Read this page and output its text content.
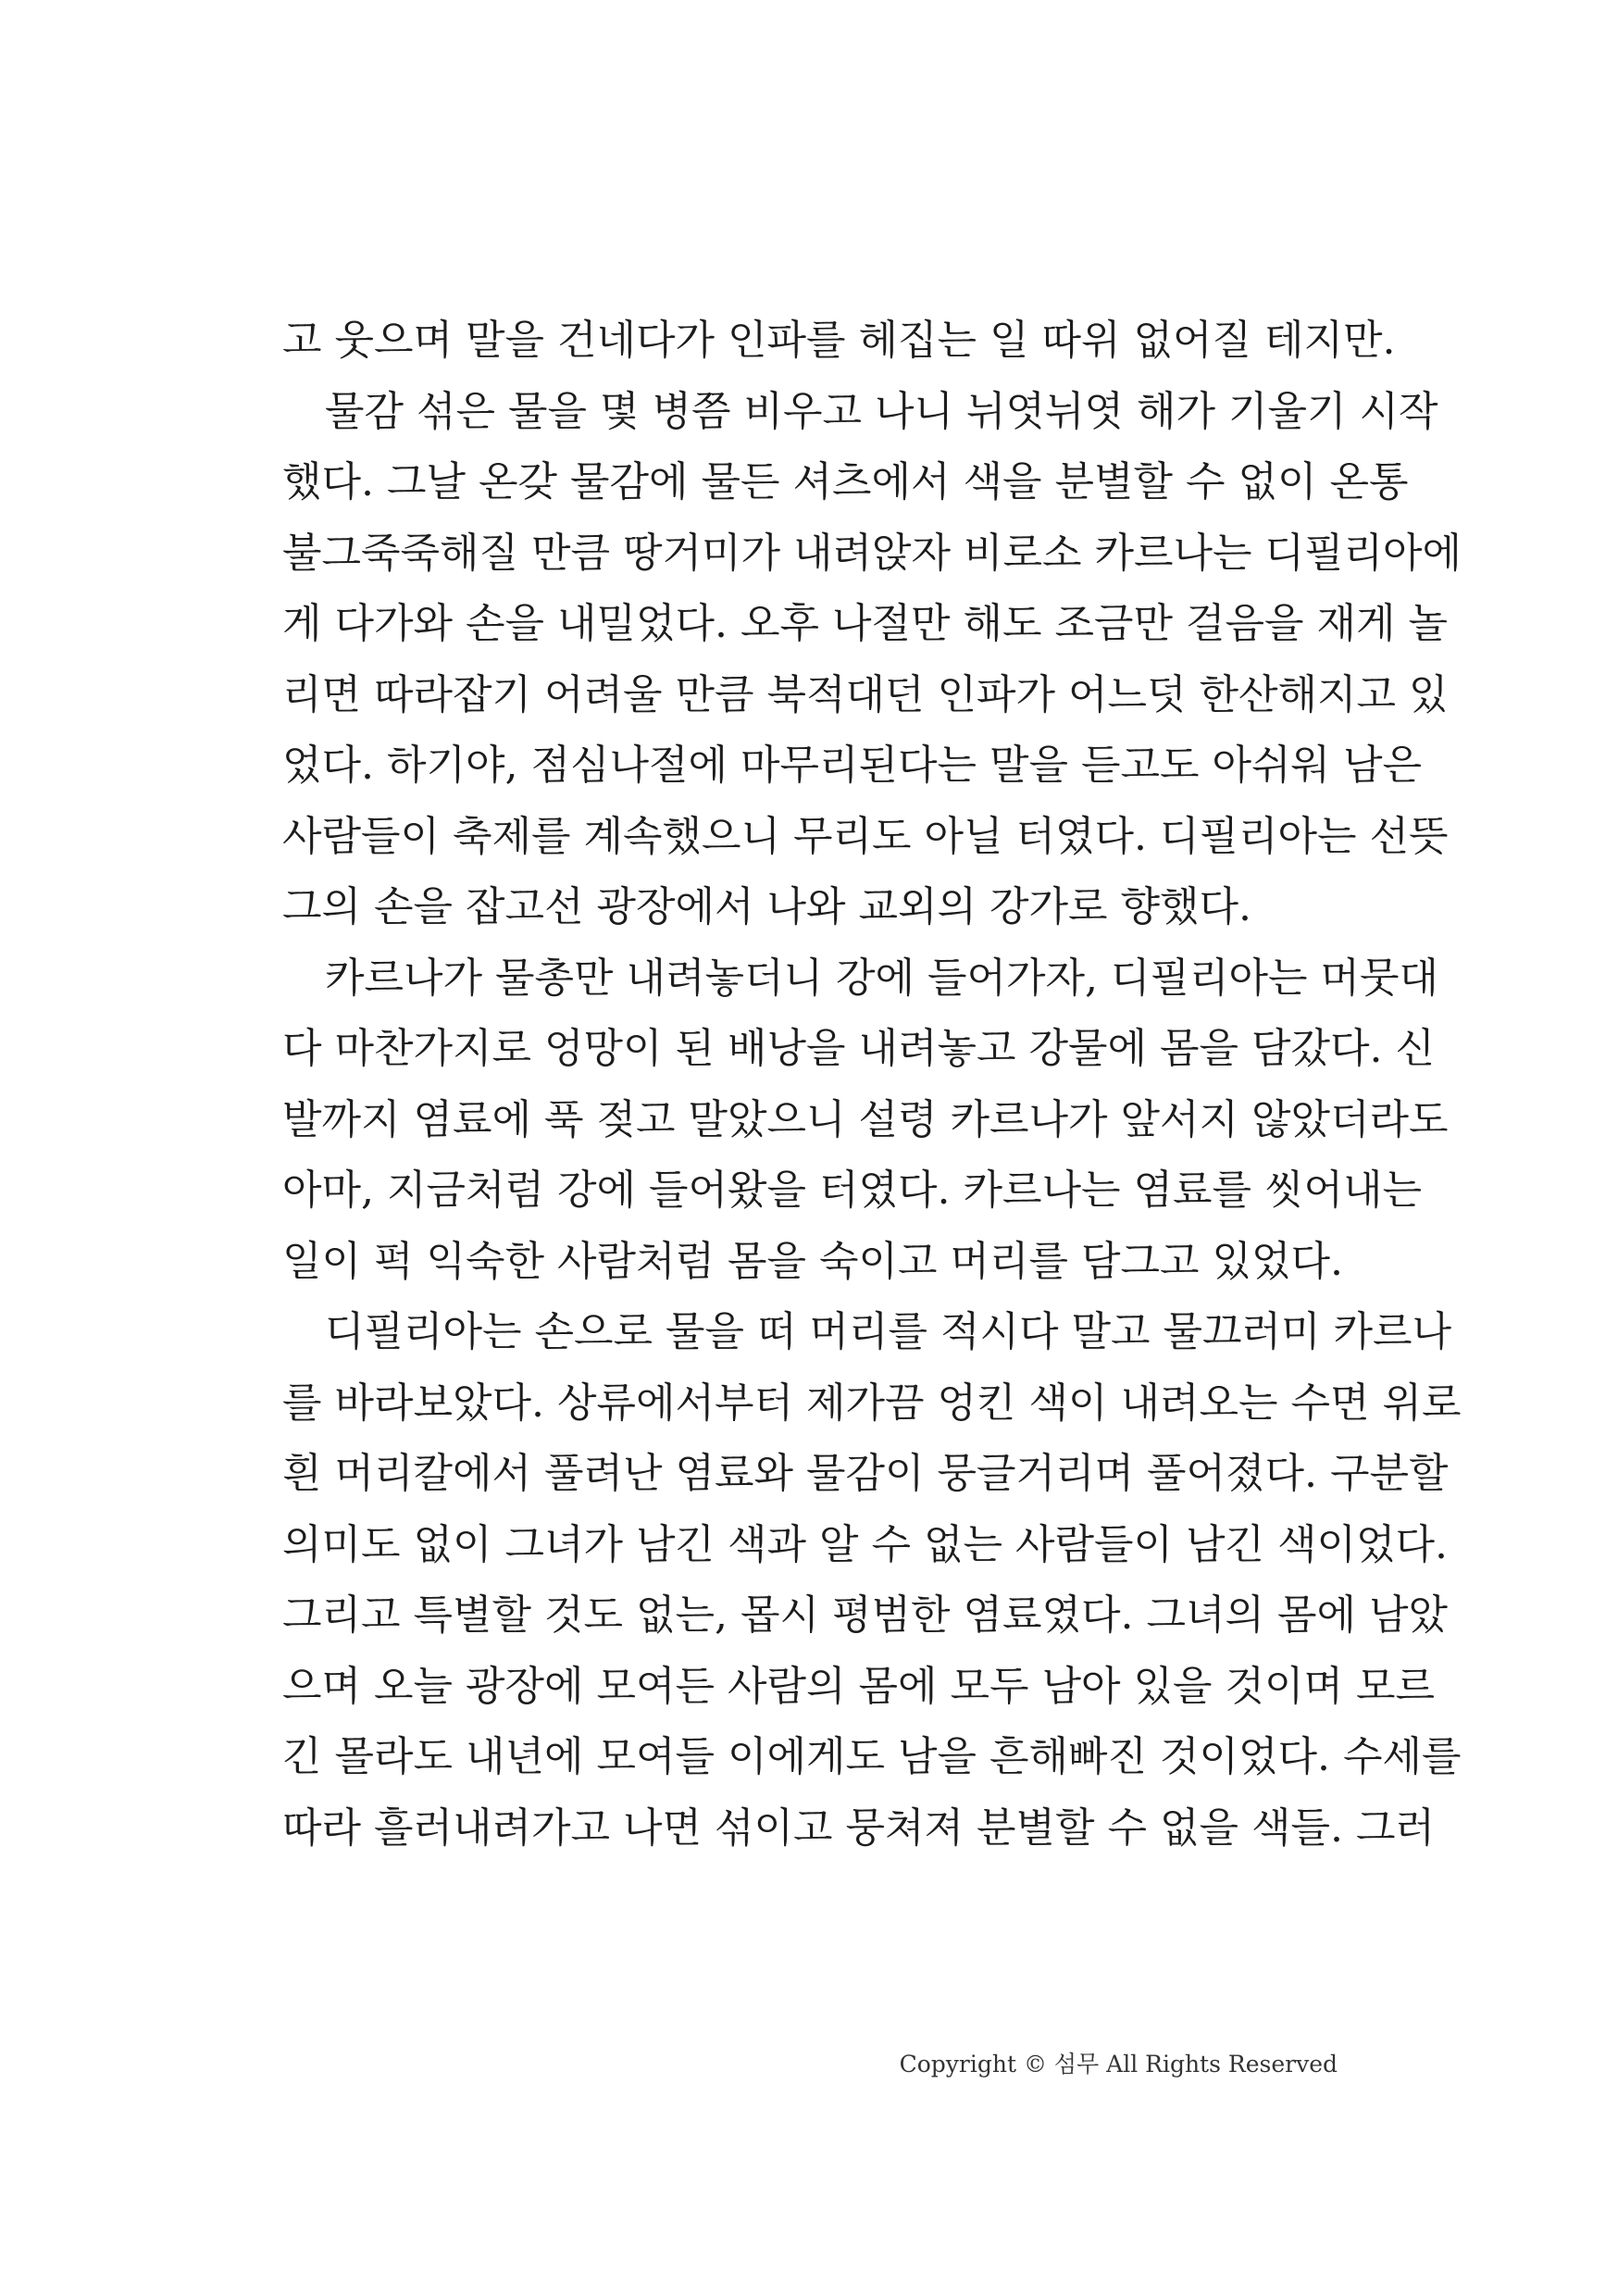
고 웃으며 말을 건네다가 인파를 헤집는 일 따위 없어질 테지만.
물감 섞은 물을 몇 병쯤 비우고 나니 뉘엿뉘엿 해가 기울기 시작
했다. 그날 온갖 물감에 물든 셔츠에서 색을 분별할 수 없이 온통
불그죽죽해질 만큼 땅거미가 내려앉자 비로소 카르나는 디필리아에
게 다가와 손을 내밀었다. 오후 나절만 해도 조금만 걸음을 재게 놀
리면 따라잡기 어려울 만큼 북적대던 인파가 어느덧 한산해지고 있
었다. 하기야, 점심나절에 마무리된다는 말을 듣고도 아쉬워 남은
사람들이 축제를 계속했으니 무리도 아닐 터였다. 디필리아는 선뜻
그의 손을 잡고선 광장에서 나와 교외의 강가로 향했다.
카르나가 물총만 내려놓더니 강에 들어가자, 디필리아는 머뭇대
다 마찬가지로 엉망이 된 배낭을 내려놓고 강물에 몸을 담갔다. 신
발까지 염료에 푹 젖고 말았으니 설령 카르나가 앞서지 않았더라도
아마, 지금처럼 강에 들어왔을 터였다. 카르나는 염료를 씻어내는
일이 퍽 익숙한 사람처럼 몸을 숙이고 머리를 담그고 있었다.
디필리아는 손으로 물을 떠 머리를 적시다 말고 물끄러미 카르나
를 바라보았다. 상류에서부터 제가끔 엉킨 색이 내려오는 수면 위로
흰 머리칼에서 풀려난 염료와 물감이 뭉글거리며 풀어졌다. 구분할
의미도 없이 그녀가 남긴 색과 알 수 없는 사람들이 남긴 색이었다.
그리고 특별할 것도 없는, 몹시 평범한 염료였다. 그녀의 몸에 남았
으며 오늘 광장에 모여든 사람의 몸에 모두 남아 있을 것이며 모르
긴 몰라도 내년에 모여들 이에게도 남을 흔해빠진 것이었다. 수세를
따라 흘러내려가고 나면 섞이고 뭉쳐져 분별할 수 없을 색들. 그러
Copyright © 섬무 All Rights Reserved
